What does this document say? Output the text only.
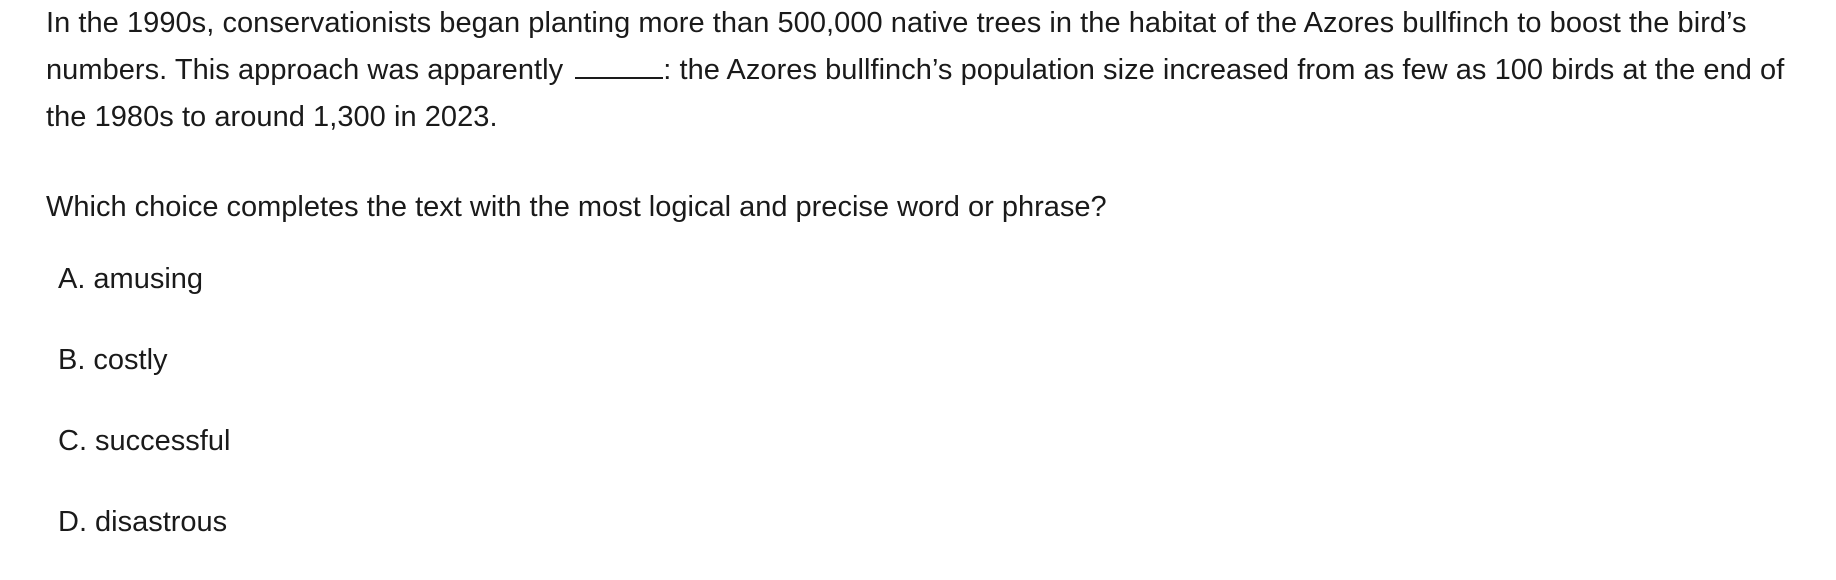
In the 1990s, conservationists began planting more than 500,000 native trees in the habitat of the Azores bullfinch to boost the bird’s numbers. This approach was apparently	: the Azores bullfinch’s population size increased from as few as 100 birds at the end of the 1980s to around 1,300 in 2023.

Which choice completes the text with the most logical and precise word or phrase?

A. amusing
B. costly
C. successful
D. disastrous
